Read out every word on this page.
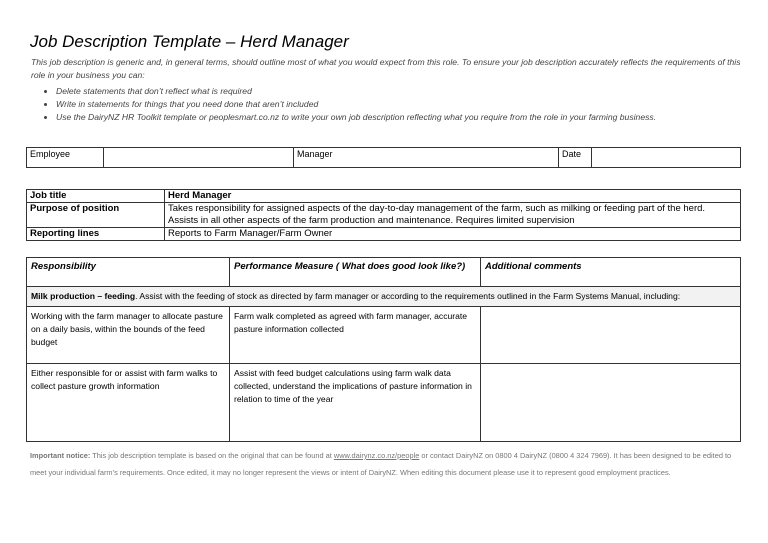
Job Description Template – Herd Manager
This job description is generic and, in general terms, should outline most of what you would expect from this role. To ensure your job description accurately reflects the requirements of this role in your business you can:
• Delete statements that don’t reflect what is required
• Write in statements for things that you need done that aren’t included
• Use the DairyNZ HR Toolkit template or peoplesmart.co.nz to write your own job description reflecting what you require from the role in your farming business.
Employee		Manager	Date	
Job title	Herd Manager
Purpose of position	Takes responsibility for assigned aspects of the day-to-day management of the farm, such as milking or feeding part of the herd. Assists in all other aspects of the farm production and maintenance. Requires limited supervision
Reporting lines	Reports to Farm Manager/Farm Owner
Responsibility	Performance Measure ( What does good look like?)	Additional comments
Milk production – feeding. Assist with the feeding of stock as directed by farm manager or according to the requirements outlined in the Farm Systems Manual, including:		
Working with the farm manager to allocate pasture on a daily basis, within the bounds of the feed budget	Farm walk completed as agreed with farm manager, accurate pasture information collected	
Either responsible for or assist with farm walks to collect pasture growth information	Assist with feed budget calculations using farm walk data collected, understand the implications of pasture information in relation to time of the year	
Important notice: This job description template is based on the original that can be found at www.dairynz.co.nz/people or contact DairyNZ on 0800 4 DairyNZ (0800 4 324 7969). It has been designed to be edited to meet your individual farm’s requirements. Once edited, it may no longer represent the views or intent of DairyNZ. When editing this document please use it to represent good employment practices.
